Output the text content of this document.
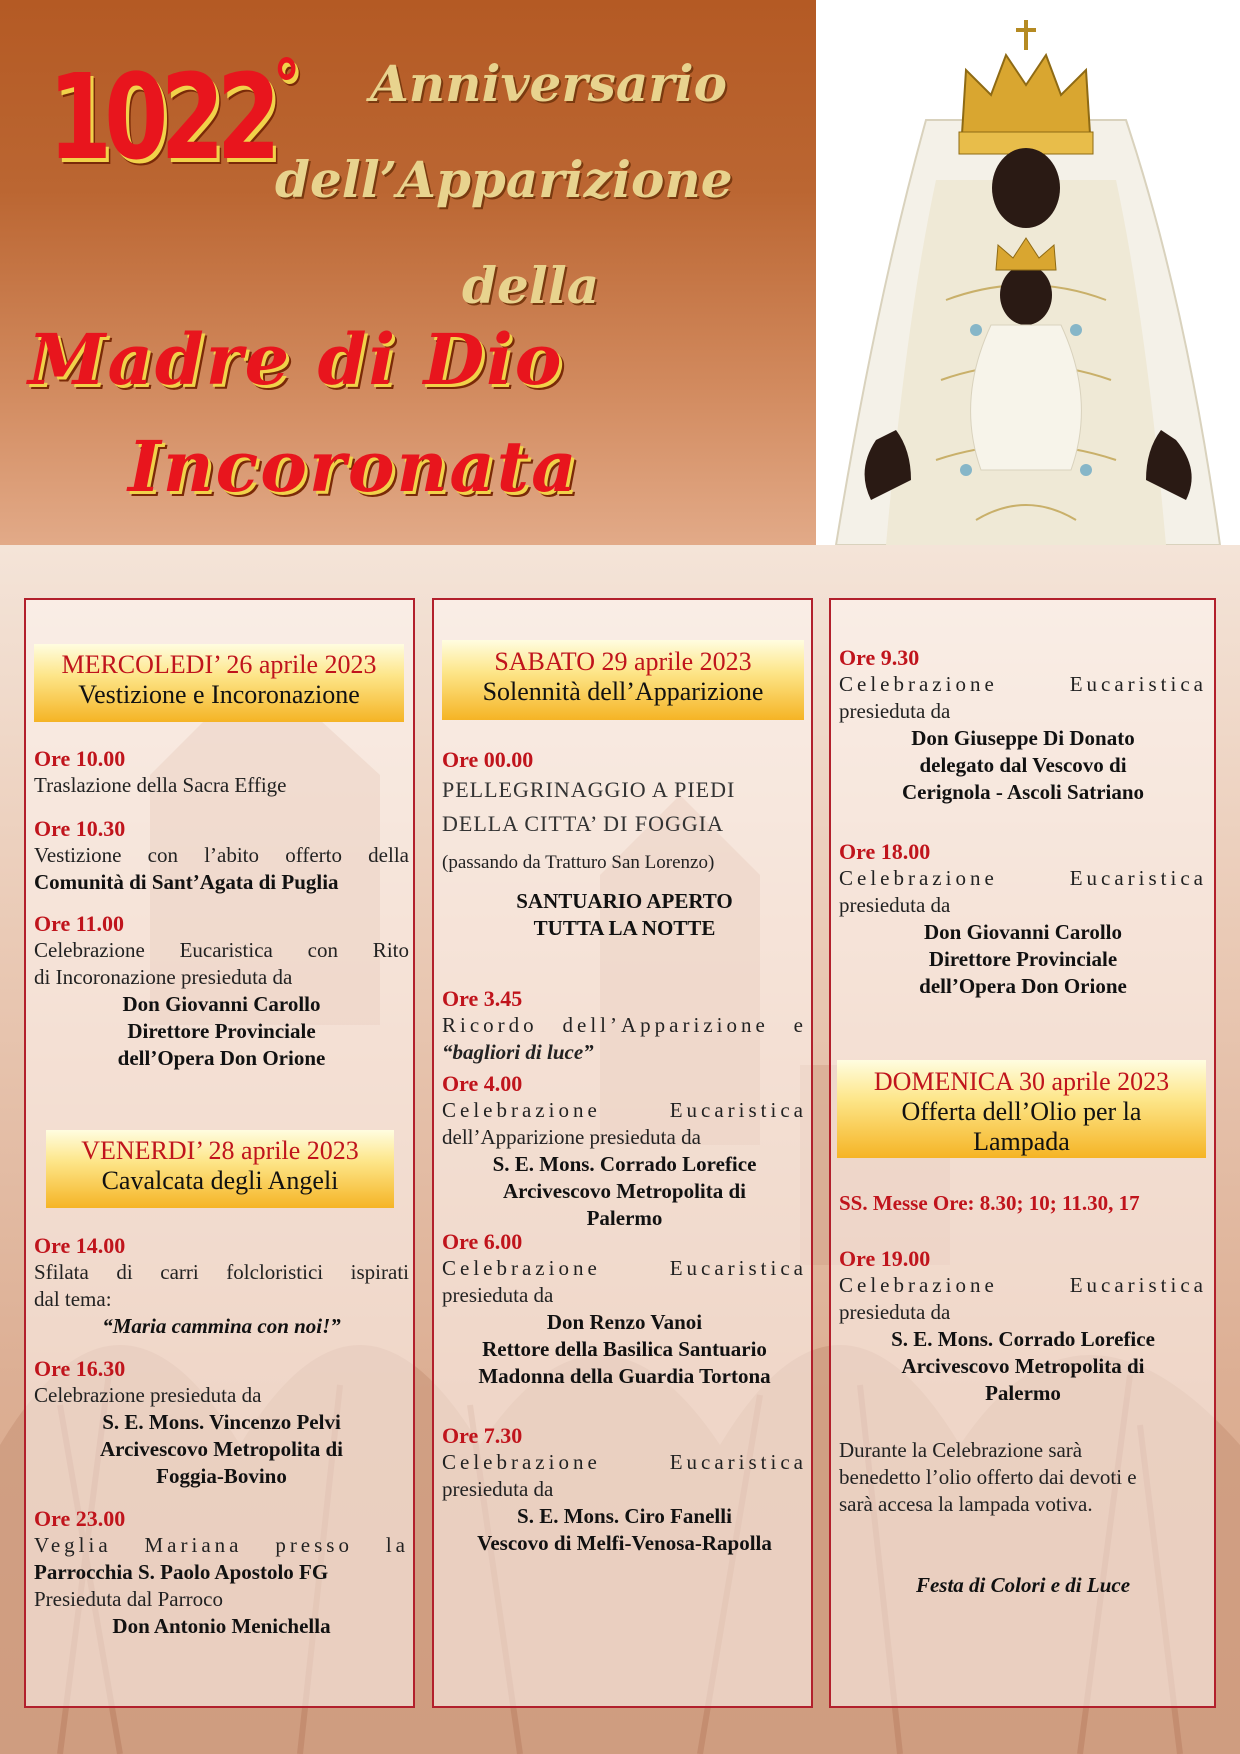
1022° Anniversario
dell’Apparizione
della
Madre di Dio
Incoronata
MERCOLEDI’ 26 aprile 2023
Vestizione e Incoronazione
Ore 10.00
Traslazione della Sacra Effige
Ore 10.30
Vestizione con l’abito offerto della
Comunità di Sant’Agata di Puglia
Ore 11.00
Celebrazione Eucaristica con Rito
di Incoronazione presieduta da
Don Giovanni Carollo
Direttore Provinciale
dell’Opera Don Orione
VENERDI’ 28 aprile 2023
Cavalcata degli Angeli
Ore 14.00
Sfilata di carri folcloristici ispirati
dal tema:
“Maria cammina con noi!”
Ore 16.30
Celebrazione presieduta da
S. E. Mons. Vincenzo Pelvi
Arcivescovo Metropolita di
Foggia-Bovino
Ore 23.00
Veglia Mariana presso la
Parrocchia S. Paolo Apostolo FG
Presieduta dal Parroco
Don Antonio Menichella
SABATO 29 aprile 2023
Solennità dell’Apparizione
Ore 00.00
PELLEGRINAGGIO A PIEDI
DELLA CITTA’ DI FOGGIA
(passando da Tratturo San Lorenzo)
SANTUARIO APERTO
TUTTA LA NOTTE
Ore 3.45
Ricordo dell’Apparizione e
“bagliori di luce”
Ore 4.00
Celebrazione Eucaristica
dell’Apparizione presieduta da
S. E. Mons. Corrado Lorefice
Arcivescovo Metropolita di
Palermo
Ore 6.00
Celebrazione Eucaristica
presieduta da
Don Renzo Vanoi
Rettore della Basilica Santuario
Madonna della Guardia Tortona
Ore 7.30
Celebrazione Eucaristica
presieduta da
S. E. Mons. Ciro Fanelli
Vescovo di Melfi-Venosa-Rapolla
Ore 9.30
Celebrazione Eucaristica
presieduta da
Don Giuseppe Di Donato
delegato dal Vescovo di
Cerignola - Ascoli Satriano
Ore 18.00
Celebrazione Eucaristica
presieduta da
Don Giovanni Carollo
Direttore Provinciale
dell’Opera Don Orione
DOMENICA 30 aprile 2023
Offerta dell’Olio per la
Lampada
SS. Messe Ore: 8.30; 10; 11.30, 17
Ore 19.00
Celebrazione Eucaristica
presieduta da
S. E. Mons. Corrado Lorefice
Arcivescovo Metropolita di
Palermo
Durante la Celebrazione sarà
benedetto l’olio offerto dai devoti e
sarà accesa la lampada votiva.
Festa di Colori e di Luce
